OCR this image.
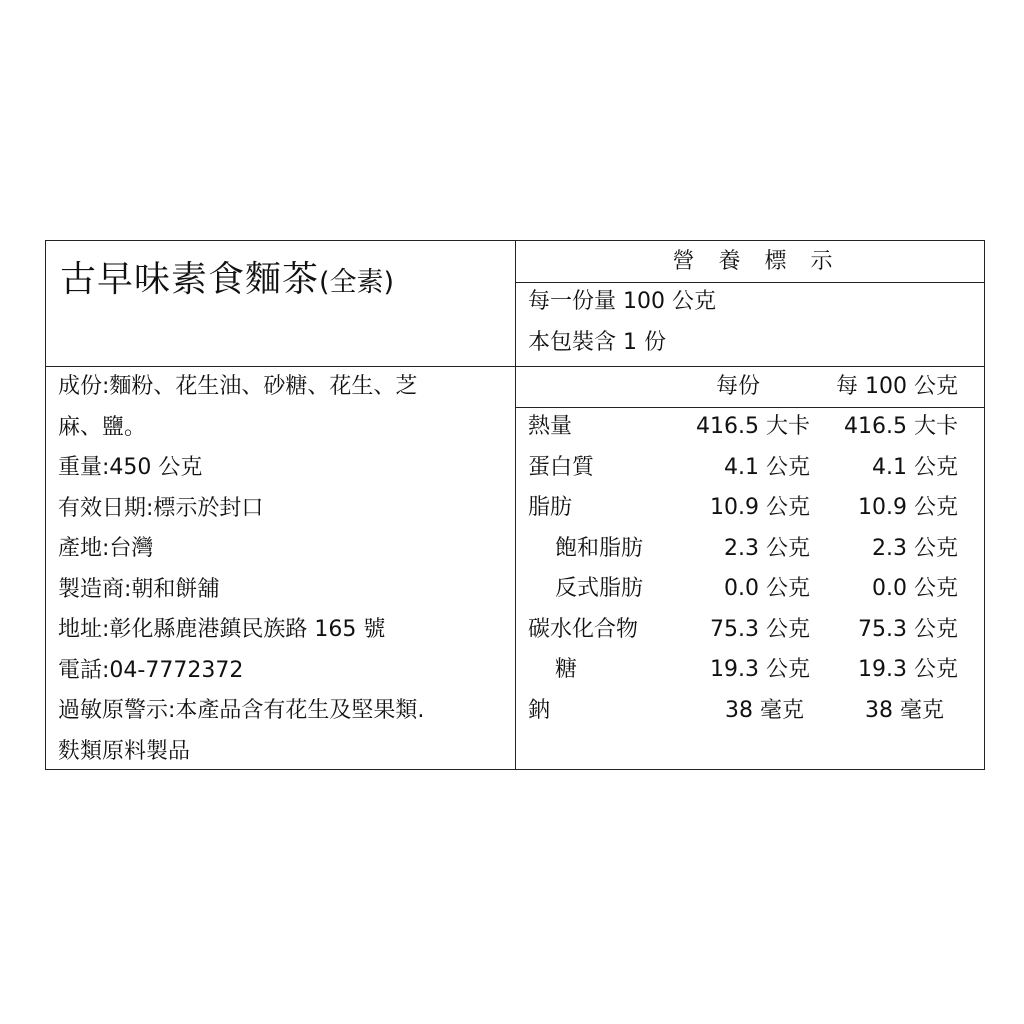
古早味素食麵茶(全素)
營養標示
每一份量 100 公克
本包裝含 1 份
成份:麵粉、花生油、砂糖、花生、芝
麻、鹽。
重量:450 公克
有效日期:標示於封口
產地:台灣
製造商:朝和餅舖
地址:彰化縣鹿港鎮民族路 165 號
電話:04-7772372
過敏原警示:本產品含有花生及堅果類.
麩類原料製品
每份	每 100 公克
熱量	416.5 大卡 416.5 大卡
蛋白質	4.1 公克	4.1 公克
脂肪	10.9 公克 10.9 公克
飽和脂肪	2.3 公克	2.3 公克
反式脂肪	0.0 公克	0.0 公克
碳水化合物	75.3 公克 75.3 公克
糖	19.3 公克 19.3 公克
鈉	38 毫克	38 毫克
